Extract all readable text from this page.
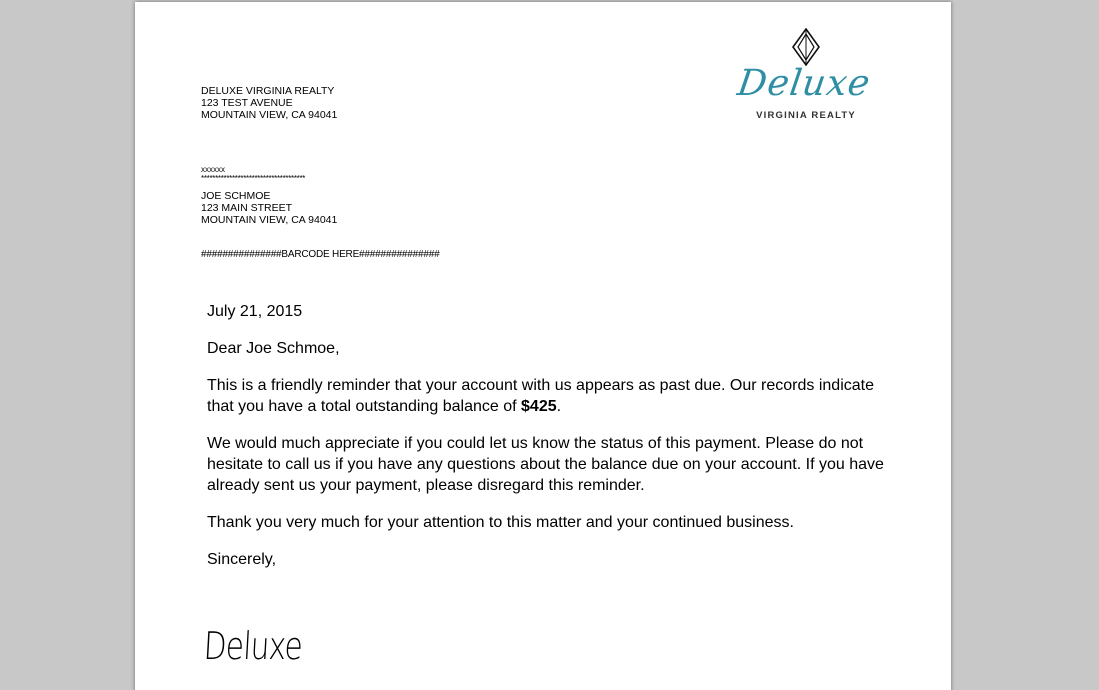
DELUXE VIRGINIA REALTY
123 TEST AVENUE
MOUNTAIN VIEW, CA 94041
Deluxe
VIRGINIA REALTY
xxxxxx
*************************************
JOE SCHMOE
123 MAIN STREET
MOUNTAIN VIEW, CA 94041
###############BARCODE HERE###############
July 21, 2015
Dear Joe Schmoe,
This is a friendly reminder that your account with us appears as past due. Our records indicate that you have a total outstanding balance of $425.
We would much appreciate if you could let us know the status of this payment. Please do not hesitate to call us if you have any questions about the balance due on your account. If you have already sent us your payment, please disregard this reminder.
Thank you very much for your attention to this matter and your continued business.
Sincerely,
Deluxe
